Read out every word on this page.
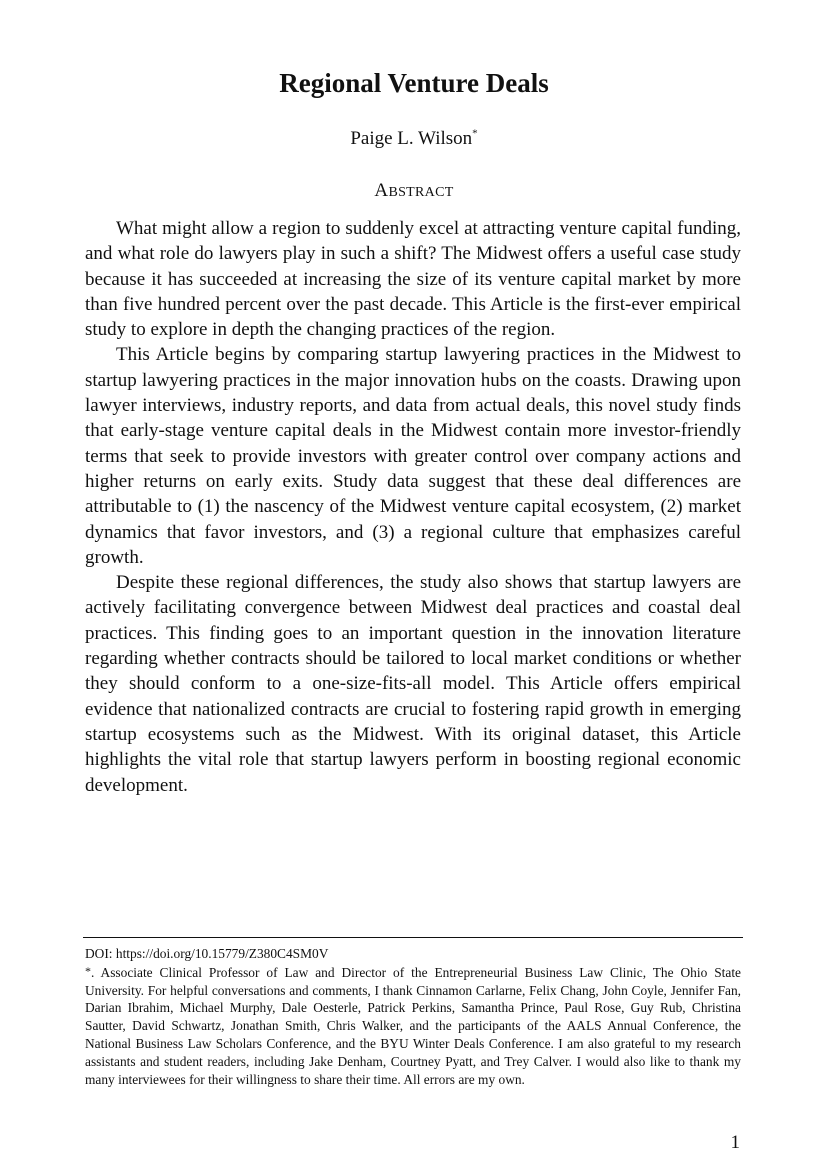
Regional Venture Deals
Paige L. Wilson*
ABSTRACT

What might allow a region to suddenly excel at attracting venture capital funding, and what role do lawyers play in such a shift? The Midwest offers a useful case study because it has succeeded at increasing the size of its venture capital market by more than five hundred percent over the past decade. This Article is the first-ever empirical study to explore in depth the changing practices of the region.

This Article begins by comparing startup lawyering practices in the Midwest to startup lawyering practices in the major innovation hubs on the coasts. Drawing upon lawyer interviews, industry reports, and data from actual deals, this novel study finds that early-stage venture capital deals in the Midwest contain more investor-friendly terms that seek to provide investors with greater control over company actions and higher returns on early exits. Study data suggest that these deal differences are attributable to (1) the nascency of the Midwest venture capital ecosystem, (2) market dynamics that favor investors, and (3) a regional culture that emphasizes careful growth.

Despite these regional differences, the study also shows that startup lawyers are actively facilitating convergence between Midwest deal practices and coastal deal practices. This finding goes to an important question in the innovation literature regarding whether contracts should be tailored to local market conditions or whether they should conform to a one-size-fits-all model. This Article offers empirical evidence that nationalized contracts are crucial to fostering rapid growth in emerging startup ecosystems such as the Midwest. With its original dataset, this Article highlights the vital role that startup lawyers perform in boosting regional economic development.

DOI: https://doi.org/10.15779/Z380C4SM0V

*. Associate Clinical Professor of Law and Director of the Entrepreneurial Business Law Clinic, The Ohio State University. For helpful conversations and comments, I thank Cinnamon Carlarne, Felix Chang, John Coyle, Jennifer Fan, Darian Ibrahim, Michael Murphy, Dale Oesterle, Patrick Perkins, Samantha Prince, Paul Rose, Guy Rub, Christina Sautter, David Schwartz, Jonathan Smith, Chris Walker, and the participants of the AALS Annual Conference, the National Business Law Scholars Conference, and the BYU Winter Deals Conference. I am also grateful to my research assistants and student readers, including Jake Denham, Courtney Pyatt, and Trey Calver. I would also like to thank my many interviewees for their willingness to share their time. All errors are my own.

1
